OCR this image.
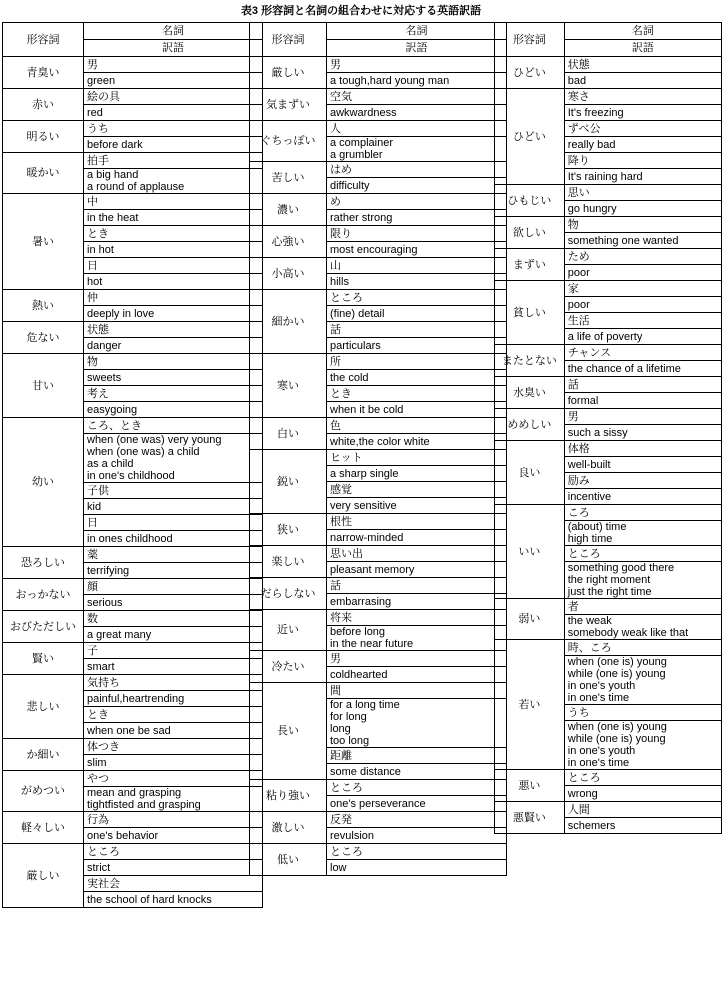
表3 形容詞と名詞の組合わせに対応する英語訳語
形容詞	名詞
	訳語
青臭い	男

	green

赤い	絵の具

	red

明るい	うち

	before dark

暖かい	拍手

	a big hand
a round of applause

暑い	中

	in the heat

	とき

	in hot

	日

	hot

熱い	仲

	deeply in love

危ない	状態

	danger

甘い	物

	sweets

	考え

	easygoing

幼い	ころ、とき

	when (one was) very young
when (one was) a child
as a child
in one's childhood

	子供

	kid

	日

	in ones childhood

恐ろしい	薬

	terrifying

おっかない	顔

	serious

おびただしい	数

	a great many

賢い	子

	smart

悲しい	気持ち

	painful,heartrending

	とき

	when one be sad

か細い	体つき

	slim

がめつい	やつ

	mean and grasping
tightfisted and grasping

軽々しい	行為

	one's behavior

厳しい	ところ

	strict

	実社会

	the school of hard knocks
形容詞	名詞
	訳語
厳しい	男

	a tough,hard young man

気まずい	空気

	awkwardness

ぐちっぽい	人

	a complainer
a grumbler

苦しい	はめ

	difficulty

濃い	め

	rather strong

心強い	限り

	most encouraging

小高い	山

	hills

細かい	ところ

	(fine) detail

	話

	particulars

寒い	所

	the cold

	とき

	when it be cold

白い	色

	white,the color white

鋭い	ヒット

	a sharp single

	感覚

	very sensitive

狭い	根性

	narrow-minded

楽しい	思い出

	pleasant memory

だらしない	話

	embarrasing

近い	将来

	before long
in the near future

冷たい	男

	coldhearted

長い	間

	for a long time
for long
long
too long

	距離

	some distance

粘り強い	ところ

	one's perseverance

激しい	反発

	revulsion

低い	ところ

	low
形容詞	名詞
	訳語
ひどい	状態

	bad

ひどい	寒さ

	It's freezing

	ずべ公

	really bad

	降り

	It's raining hard

ひもじい	思い

	go hungry

欲しい	物

	something one wanted

まずい	ため

	poor

貧しい	家

	poor

	生活

	a life of poverty

またとない	チャンス

	the chance of a lifetime

水臭い	話

	formal

めめしい	男

	such a sissy

良い	体格

	well-built

	励み

	incentive

いい	ころ

	(about) time
high time

	ところ

	something good there
the right moment
just the right time

弱い	者

	the weak
somebody weak like that

若い	時、ころ

	when (one is) young
while (one is) young
in one's youth
in one's time

	うち

	when (one is) young
while (one is) young
in one's youth
in one's time

悪い	ところ

	wrong

悪賢い	人間

	schemers
